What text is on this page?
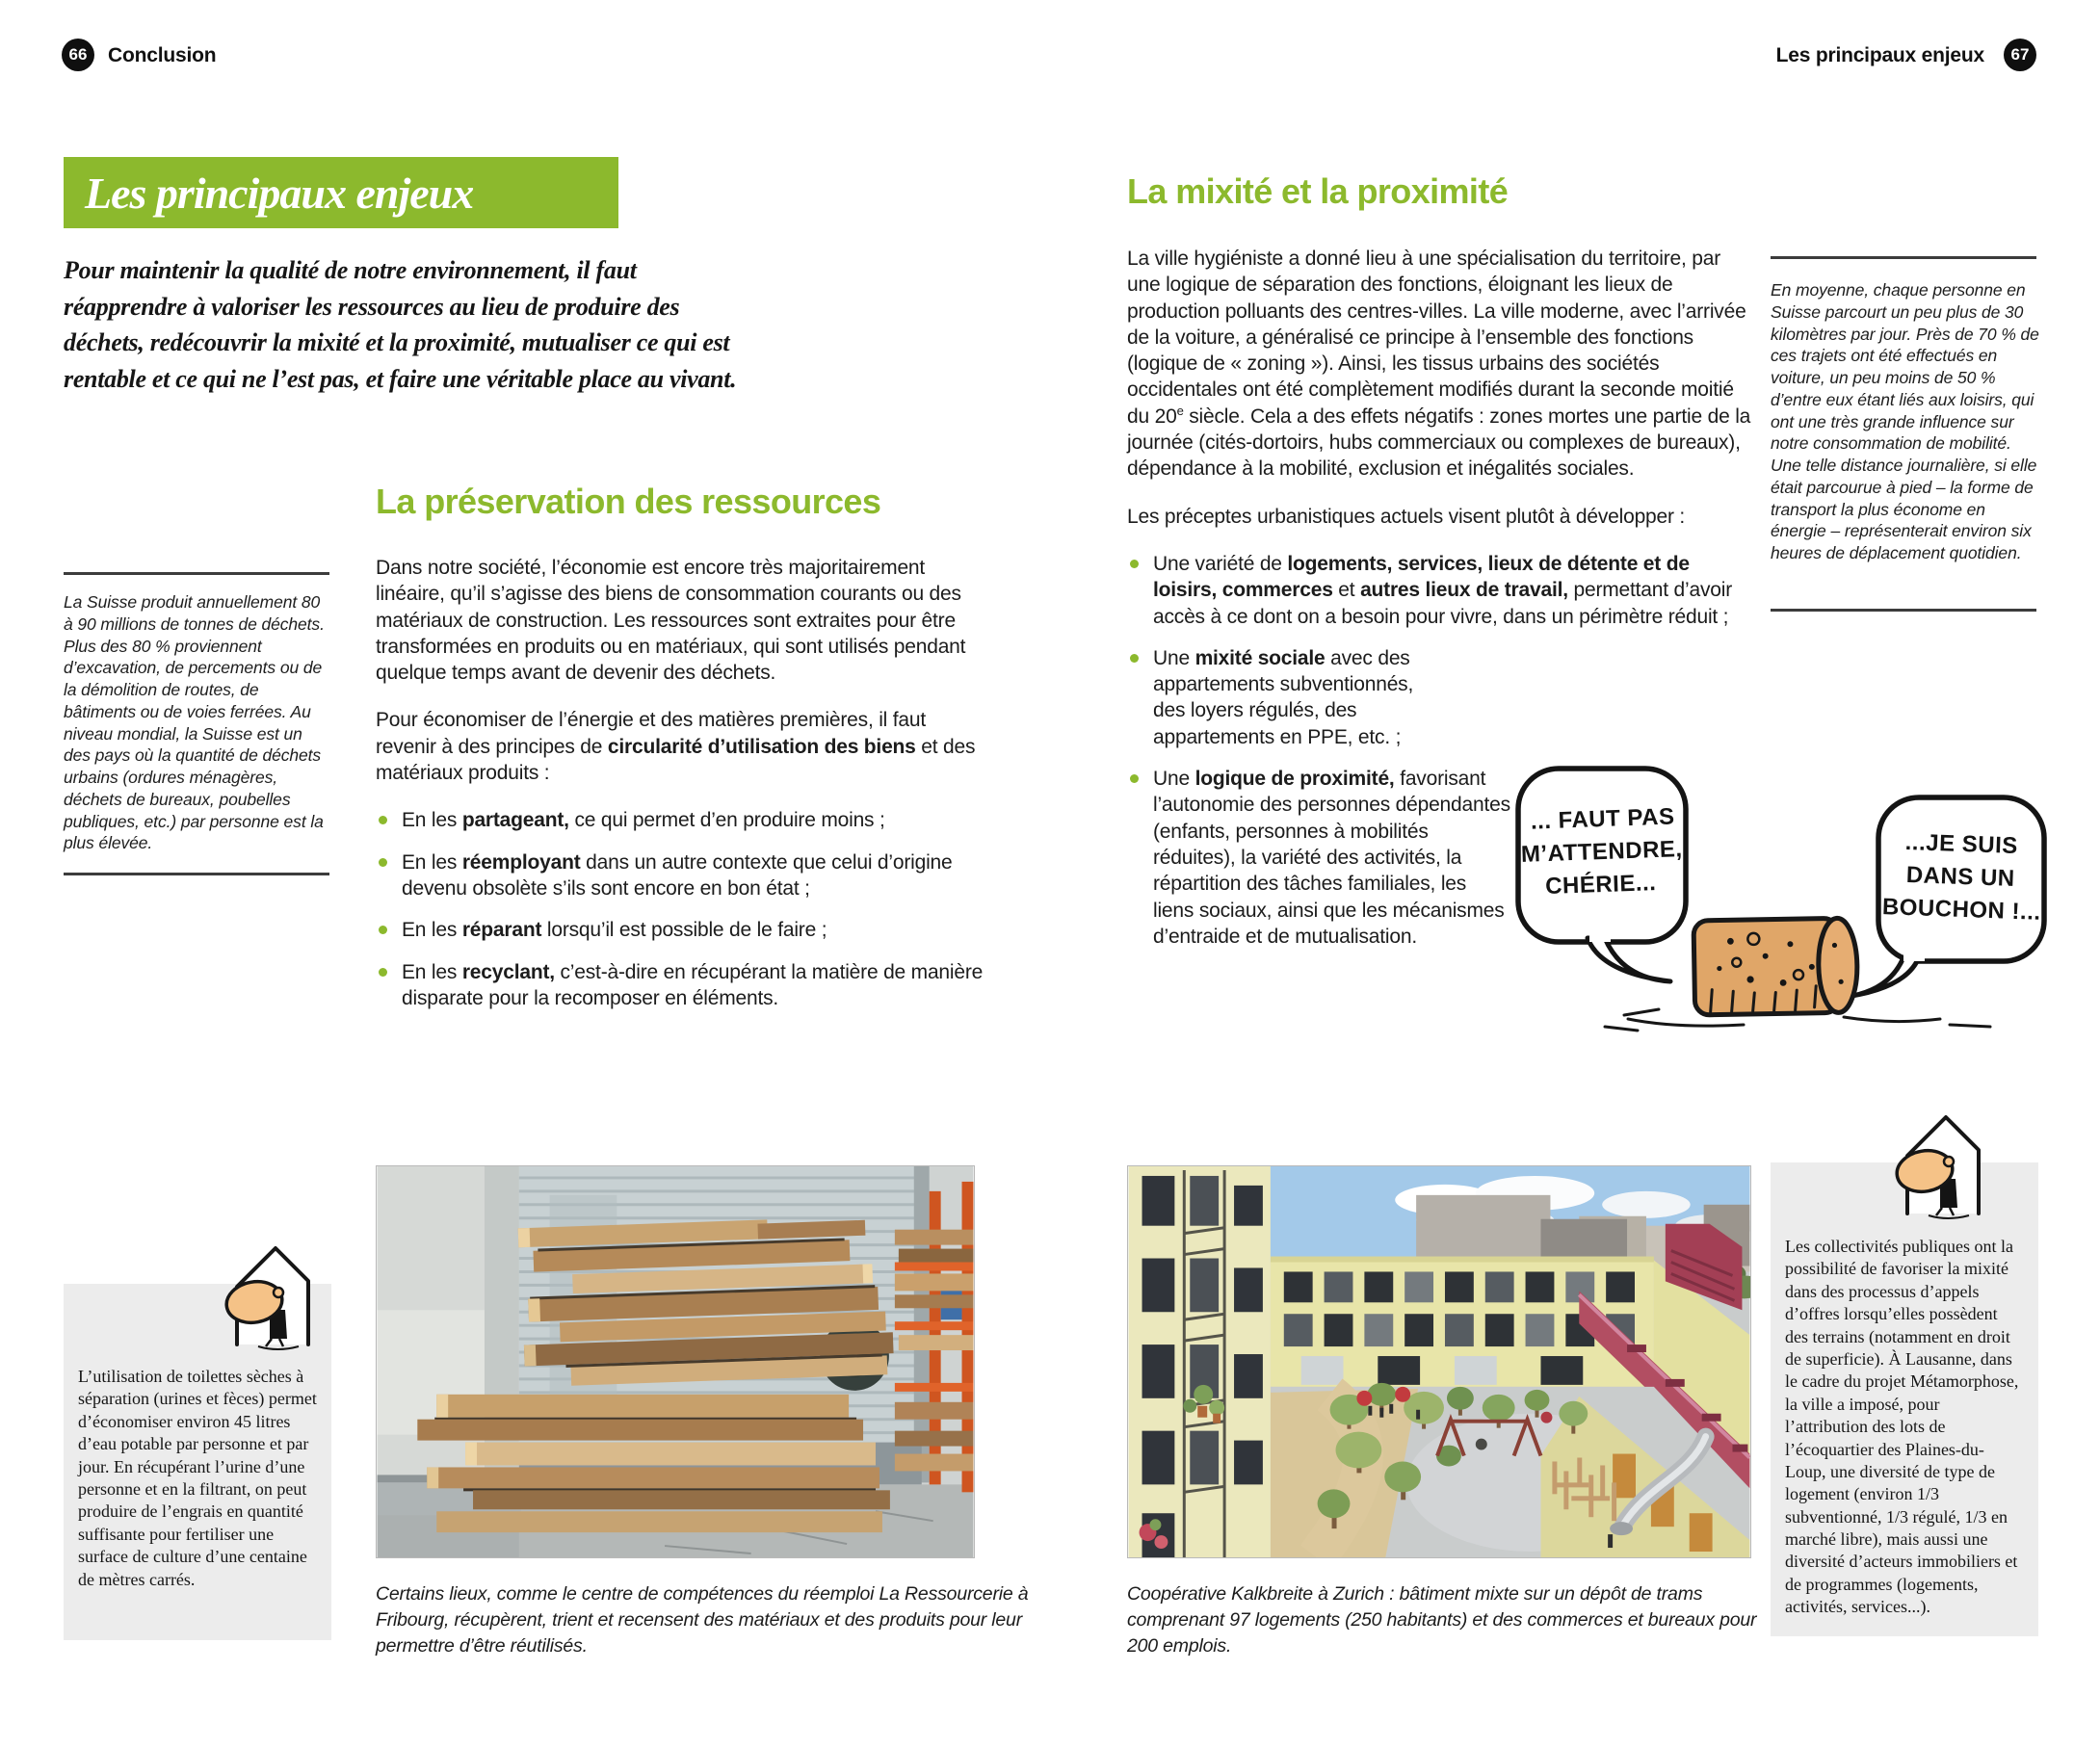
66	Conclusion
Les principaux enjeux
Pour maintenir la qualité de notre environnement, il faut réapprendre à valoriser les ressources au lieu de produire des déchets, redécouvrir la mixité et la proximité, mutualiser ce qui est rentable et ce qui ne l’est pas, et faire une véritable place au vivant.
La Suisse produit annuellement 80 à 90 millions de tonnes de déchets. Plus des 80 % proviennent d’excavation, de percements ou de la démolition de routes, de bâtiments ou de voies ferrées. Au niveau mondial, la Suisse est un des pays où la quantité de déchets urbains (ordures ménagères, déchets de bureaux, poubelles publiques, etc.) par personne est la plus élevée.
La préservation des ressources

Dans notre société, l’économie est encore très majoritairement linéaire, qu’il s’agisse des biens de consommation courants ou des matériaux de construction. Les ressources sont extraites pour être transformées en produits ou en matériaux, qui sont utilisés pendant quelque temps avant de devenir des déchets.

Pour économiser de l’énergie et des matières premières, il faut revenir à des principes de circularité d’utilisation des biens et des matériaux produits :

En les partageant, ce qui permet d’en produire moins ;
En les réemployant dans un autre contexte que celui d’origine devenu obsolète s’ils sont encore en bon état ;
En les réparant lorsqu’il est possible de le faire ;
En les recyclant, c’est-à-dire en récupérant la matière de manière disparate pour la recomposer en éléments.
Certains lieux, comme le centre de compétences du réemploi La Ressourcerie à Fribourg, récupèrent, trient et recensent des matériaux et des produits pour leur permettre d’être réutilisés.
L’utilisation de toilettes sèches à séparation (urines et fèces) permet d’économiser environ 45 litres d’eau potable par personne et par jour. En récupérant l’urine d’une personne et en la filtrant, on peut produire de l’engrais en quantité suffisante pour fertiliser une surface de culture d’une centaine de mètres carrés.
Les principaux enjeux	67
La mixité et la proximité

La ville hygiéniste a donné lieu à une spécialisation du territoire, par une logique de séparation des fonctions, éloignant les lieux de production polluants des centres-villes. La ville moderne, avec l’arrivée de la voiture, a généralisé ce principe à l’ensemble des fonctions (logique de « zoning »). Ainsi, les tissus urbains des sociétés occidentales ont été complètement modifiés durant la seconde moitié du 20e siècle. Cela a des effets négatifs : zones mortes une partie de la journée (cités-dortoirs, hubs commerciaux ou complexes de bureaux), dépendance à la mobilité, exclusion et inégalités sociales.

Les préceptes urbanistiques actuels visent plutôt à développer :

Une variété de logements, services, lieux de détente et de loisirs, commerces et autres lieux de travail, permettant d’avoir accès à ce dont on a besoin pour vivre, dans un périmètre réduit ;
Une mixité sociale avec des appartements subventionnés, des loyers régulés, des appartements en PPE, etc. ;
Une logique de proximité, favorisant l’autonomie des personnes dépendantes (enfants, personnes à mobilités réduites), la variété des activités, la répartition des tâches familiales, les liens sociaux, ainsi que les mécanismes d’entraide et de mutualisation.
En moyenne, chaque personne en Suisse parcourt un peu plus de 30 kilomètres par jour. Près de 70 % de ces trajets ont été effectués en voiture, un peu moins de 50 % d’entre eux étant liés aux loisirs, qui ont une très grande influence sur notre consommation de mobilité. Une telle distance journalière, si elle était parcourue à pied – la forme de transport la plus économe en énergie – représenterait environ six heures de déplacement quotidien.
... FAUT PAS
M’ATTENDRE,
CHÉRIE...
...JE SUIS
DANS UN
BOUCHON !...
Coopérative Kalkbreite à Zurich : bâtiment mixte sur un dépôt de trams comprenant 97 logements (250 habitants) et des commerces et bureaux pour 200 emplois.
Les collectivités publiques ont la possibilité de favoriser la mixité dans des processus d’appels d’offres lorsqu’elles possèdent des terrains (notamment en droit de superficie). À Lausanne, dans le cadre du projet Métamorphose, la ville a imposé, pour l’attribution des lots de l’écoquartier des Plaines-du-Loup, une diversité de type de logement (environ 1/3 subventionné, 1/3 régulé, 1/3 en marché libre), mais aussi une diversité d’acteurs immobiliers et de programmes (logements, activités, services...).
